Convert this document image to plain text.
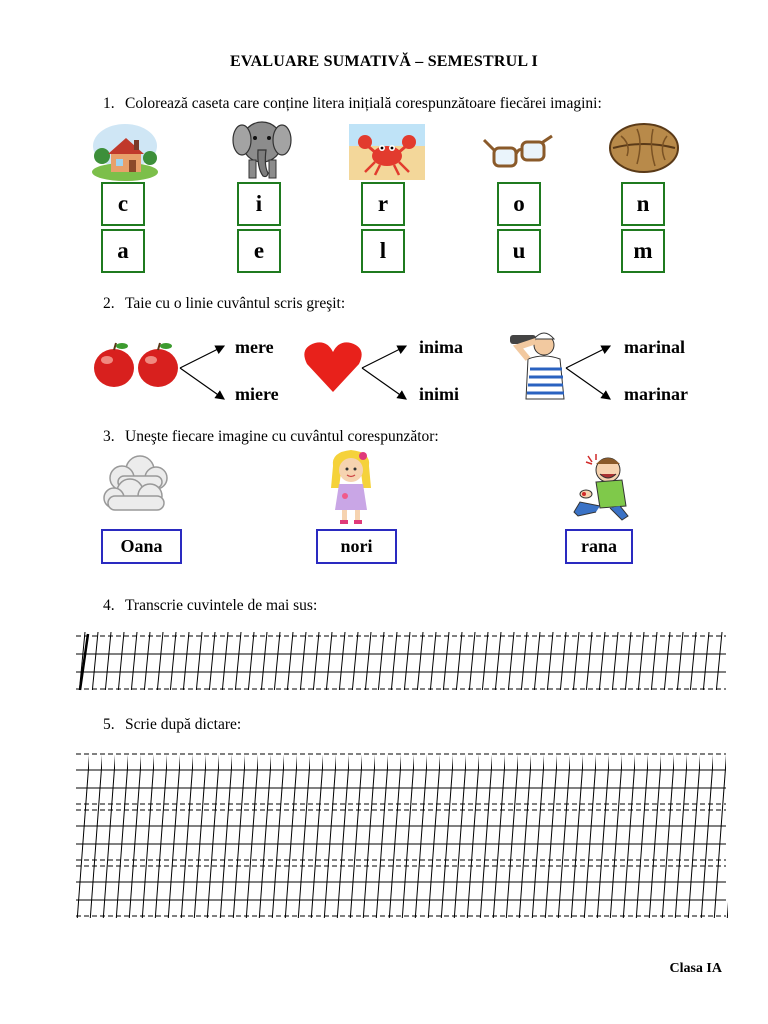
EVALUARE SUMATIVĂ – SEMESTRUL I
1. Colorează caseta care conține litera inițială corespunzătoare fiecărei imagini:
c
a
i
e
r
l
o
u
n
m
2. Taie cu o linie cuvântul scris greşit:
mere
miere
inima
inimi
marinal
marinar
3. Uneşte fiecare imagine cu cuvântul corespunzător:
Oana	nori	rana
4. Transcrie cuvintele de mai sus:
5. Scrie după dictare:
Clasa IA
